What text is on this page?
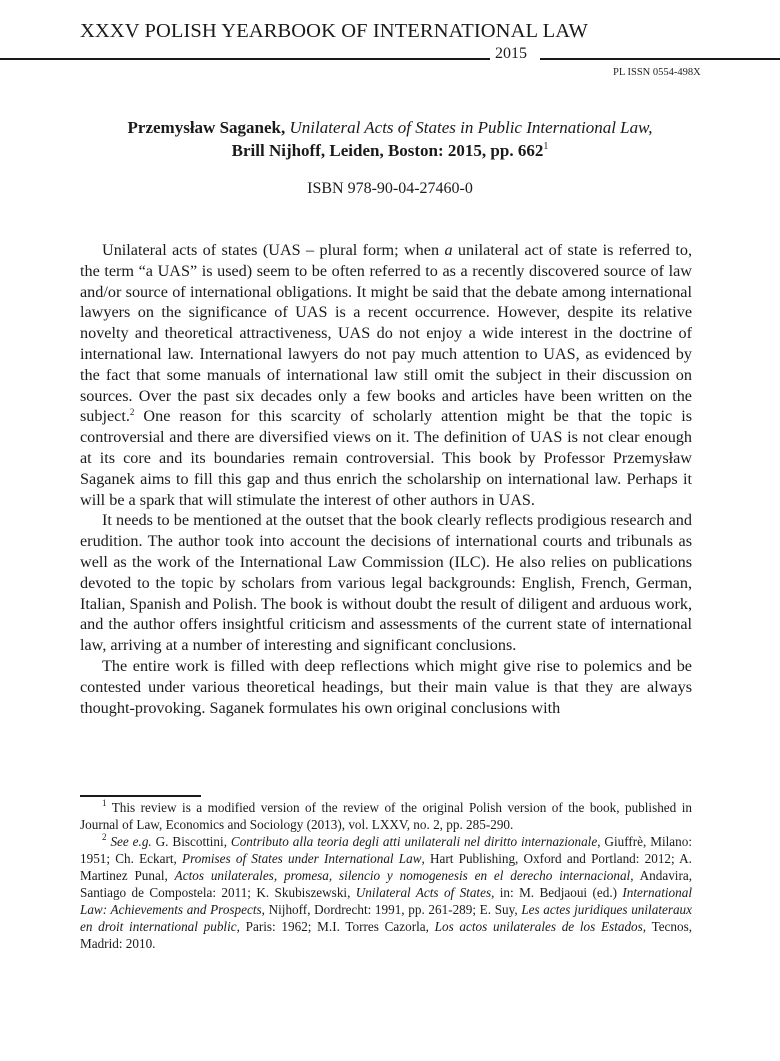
XXXV POLISH YEARBOOK OF INTERNATIONAL LAW
2015
PL ISSN 0554-498X
Przemysław Saganek, Unilateral Acts of States in Public International Law,
Brill Nijhoff, Leiden, Boston: 2015, pp. $662^1$
ISBN 978-90-04-27460-0

Unilateral acts of states (UAS – plural form; when a unilateral act of state is referred to, the term “a UAS” is used) seem to be often referred to as a recently discovered source of law and/or source of international obligations. It might be said that the debate among international lawyers on the significance of UAS is a recent occurrence. However, despite its relative novelty and theoretical attractiveness, UAS do not enjoy a wide interest in the doctrine of international law. International lawyers do not pay much attention to UAS, as evidenced by the fact that some manuals of international law still omit the subject in their discussion on sources. Over the past six decades only a few books and articles have been written on the subject.$^2$ One reason for this scarcity of scholarly attention might be that the topic is controversial and there are diversified views on it. The definition of UAS is not clear enough at its core and its boundaries remain controversial. This book by Professor Przemysław Saganek aims to fill this gap and thus enrich the scholarship on international law. Perhaps it will be a spark that will stimulate the interest of other authors in UAS.

It needs to be mentioned at the outset that the book clearly reflects prodigious research and erudition. The author took into account the decisions of international courts and tribunals as well as the work of the International Law Commission (ILC). He also relies on publications devoted to the topic by scholars from various legal backgrounds: English, French, German, Italian, Spanish and Polish. The book is without doubt the result of diligent and arduous work, and the author offers insightful criticism and assessments of the current state of international law, arriving at a number of interesting and significant conclusions.

The entire work is filled with deep reflections which might give rise to polemics and be contested under various theoretical headings, but their main value is that they are always thought-provoking. Saganek formulates his own original conclusions with

$^1$ This review is a modified version of the review of the original Polish version of the book, published in Journal of Law, Economics and Sociology (2013), vol. LXXV, no. 2, pp. 285-290.

$^2$ See e.g. G. Biscottini, Contributo alla teoria degli atti unilaterali nel diritto internazionale, Giuffrè, Milano: 1951; Ch. Eckart, Promises of States under International Law, Hart Publishing, Oxford and Portland: 2012; A. Martinez Punal, Actos unilaterales, promesa, silencio y nomogenesis en el derecho internacional, Andavira, Santiago de Compostela: 2011; K. Skubiszewski, Unilateral Acts of States, in: M. Bedjaoui (ed.) International Law: Achievements and Prospects, Nijhoff, Dordrecht: 1991, pp. 261-289; E. Suy, Les actes juridiques unilateraux en droit international public, Paris: 1962; M.I. Torres Cazorla, Los actos unilaterales de los Estados, Tecnos, Madrid: 2010.
